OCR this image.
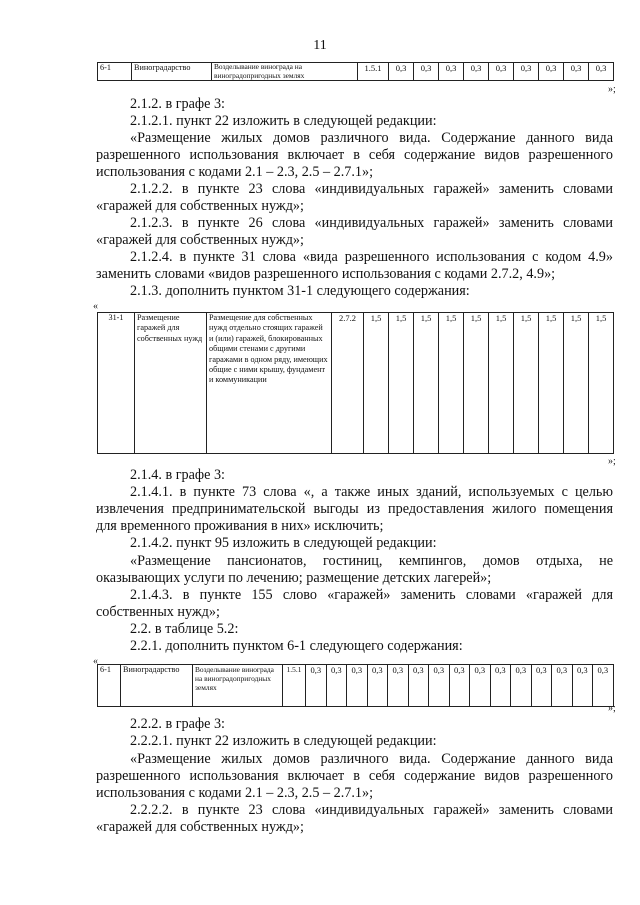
11
6-1	Виноградарство	Возделывание винограда на виноградопригодных землях	1.5.1	0,3	0,3	0,3	0,3	0,3	0,3	0,3	0,3	0,3
»;
2.1.2. в графе 3:
2.1.2.1. пункт 22 изложить в следующей редакции:
«Размещение жилых домов различного вида. Содержание данного вида
разрешенного использования включает в себя содержание видов разрешенного
использования с кодами 2.1 – 2.3, 2.5 – 2.7.1»;
2.1.2.2. в пункте 23 слова «индивидуальных гаражей» заменить словами
«гаражей для собственных нужд»;
2.1.2.3. в пункте 26 слова «индивидуальных гаражей» заменить словами
«гаражей для собственных нужд»;
2.1.2.4. в пункте 31 слова «вида разрешенного использования с кодом 4.9»
заменить словами «видов разрешенного использования с кодами 2.7.2, 4.9»;
2.1.3. дополнить пунктом 31-1 следующего содержания:
«
31-1	Размещение гаражей для собственных нужд	Размещение для собственных нужд отдельно стоящих гаражей и (или) гаражей, блокированных общими стенами с другими гаражами в одном ряду, имеющих общие с ними крышу, фундамент и коммуникации	2.7.2	1,5	1,5	1,5	1,5	1,5	1,5	1,5	1,5	1,5	1,5
»;
2.1.4. в графе 3:
2.1.4.1. в пункте 73 слова «, а также иных зданий, используемых с целью
извлечения предпринимательской выгоды из предоставления жилого помещения
для временного проживания в них» исключить;
2.1.4.2. пункт 95 изложить в следующей редакции:
«Размещение пансионатов, гостиниц, кемпингов, домов отдыха, не
оказывающих услуги по лечению; размещение детских лагерей»;
2.1.4.3. в пункте 155 слово «гаражей» заменить словами «гаражей для
собственных нужд»;
2.2. в таблице 5.2:
2.2.1. дополнить пунктом 6-1 следующего содержания:
«
6-1	Виноградарство	Возделывание винограда на виноградопригодных землях	1.5.1	0,3	0,3	0,3	0,3	0,3	0,3	0,3	0,3	0,3	0,3	0,3	0,3	0,3	0,3	0,3
»;
2.2.2. в графе 3:
2.2.2.1. пункт 22 изложить в следующей редакции:
«Размещение жилых домов различного вида. Содержание данного вида
разрешенного использования включает в себя содержание видов разрешенного
использования с кодами 2.1 – 2.3, 2.5 – 2.7.1»;
2.2.2.2. в пункте 23 слова «индивидуальных гаражей» заменить словами
«гаражей для собственных нужд»;
